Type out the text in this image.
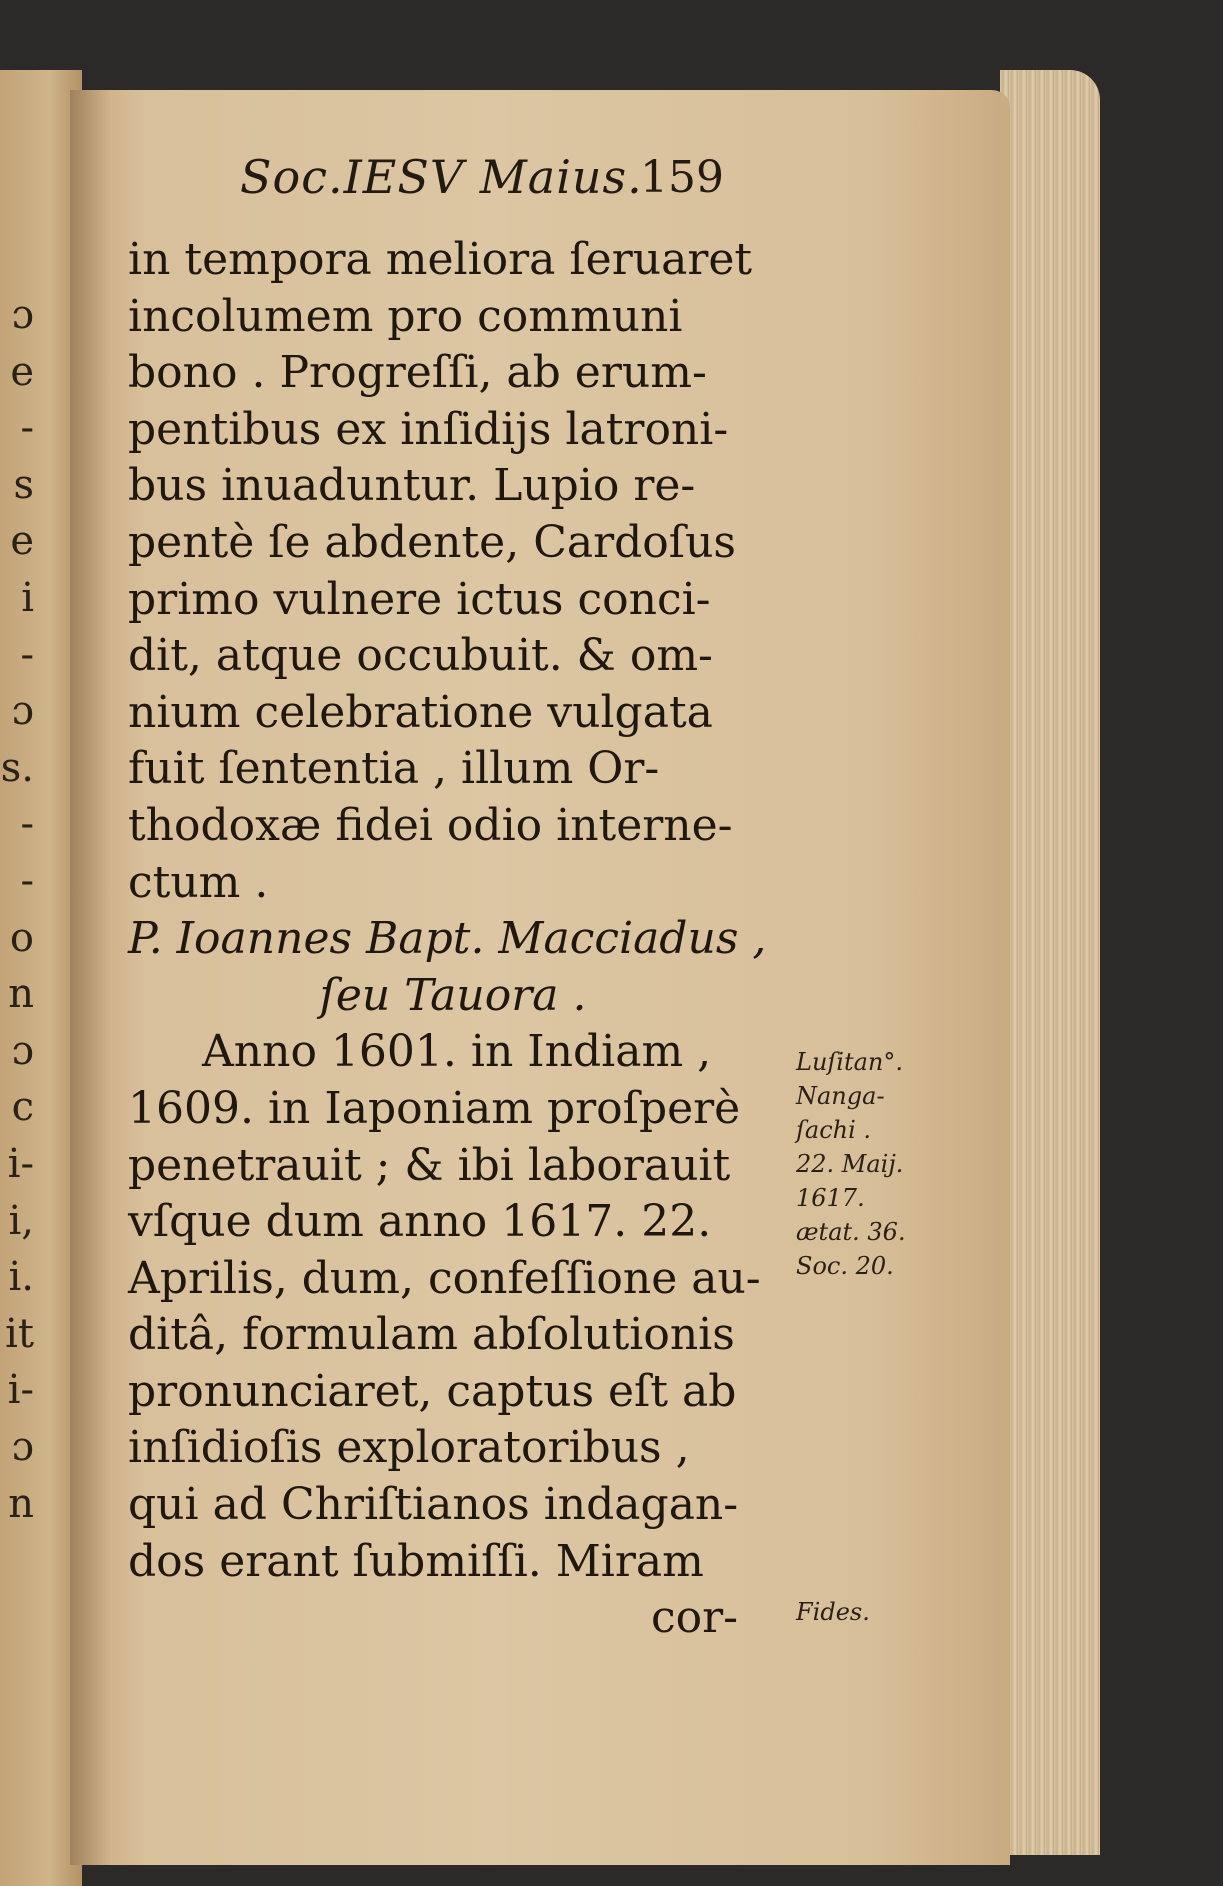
ɔ
e
-
s
e
i
-
ɔ
s.
-
-
o
n
ɔ
c
i-
i,
i.
it
i-
ɔ
n
Soc.IESV Maius.
159
in tempora meliora ſeruaret
incolumem pro communi
bono . Progreſſi, ab erum-
pentibus ex inſidijs latroni-
bus inuaduntur. Lupio re-
pentè ſe abdente, Cardoſus
primo vulnere ictus conci-
dit, atque occubuit. & om-
nium celebratione vulgata
fuit ſententia , illum Or-
thodoxæ fidei odio interne-
ctum .
P. Ioannes Bapt. Macciadus ,
ſeu Tauora .
Anno 1601. in Indiam ,
1609. in Iaponiam proſperè
penetrauit ; & ibi laborauit
vſque dum anno 1617. 22.
Aprilis, dum, confeſſione au-
ditâ, formulam abſolutionis
pronunciaret, captus eſt ab
inſidioſis exploratoribus ,
qui ad Chriſtianos indagan-
dos erant ſubmiſſi. Miram
cor-
Luſitan°.
Nanga-
ſachi .
22. Maij.
1617.
ætat. 36.
Soc. 20.
Fides.
